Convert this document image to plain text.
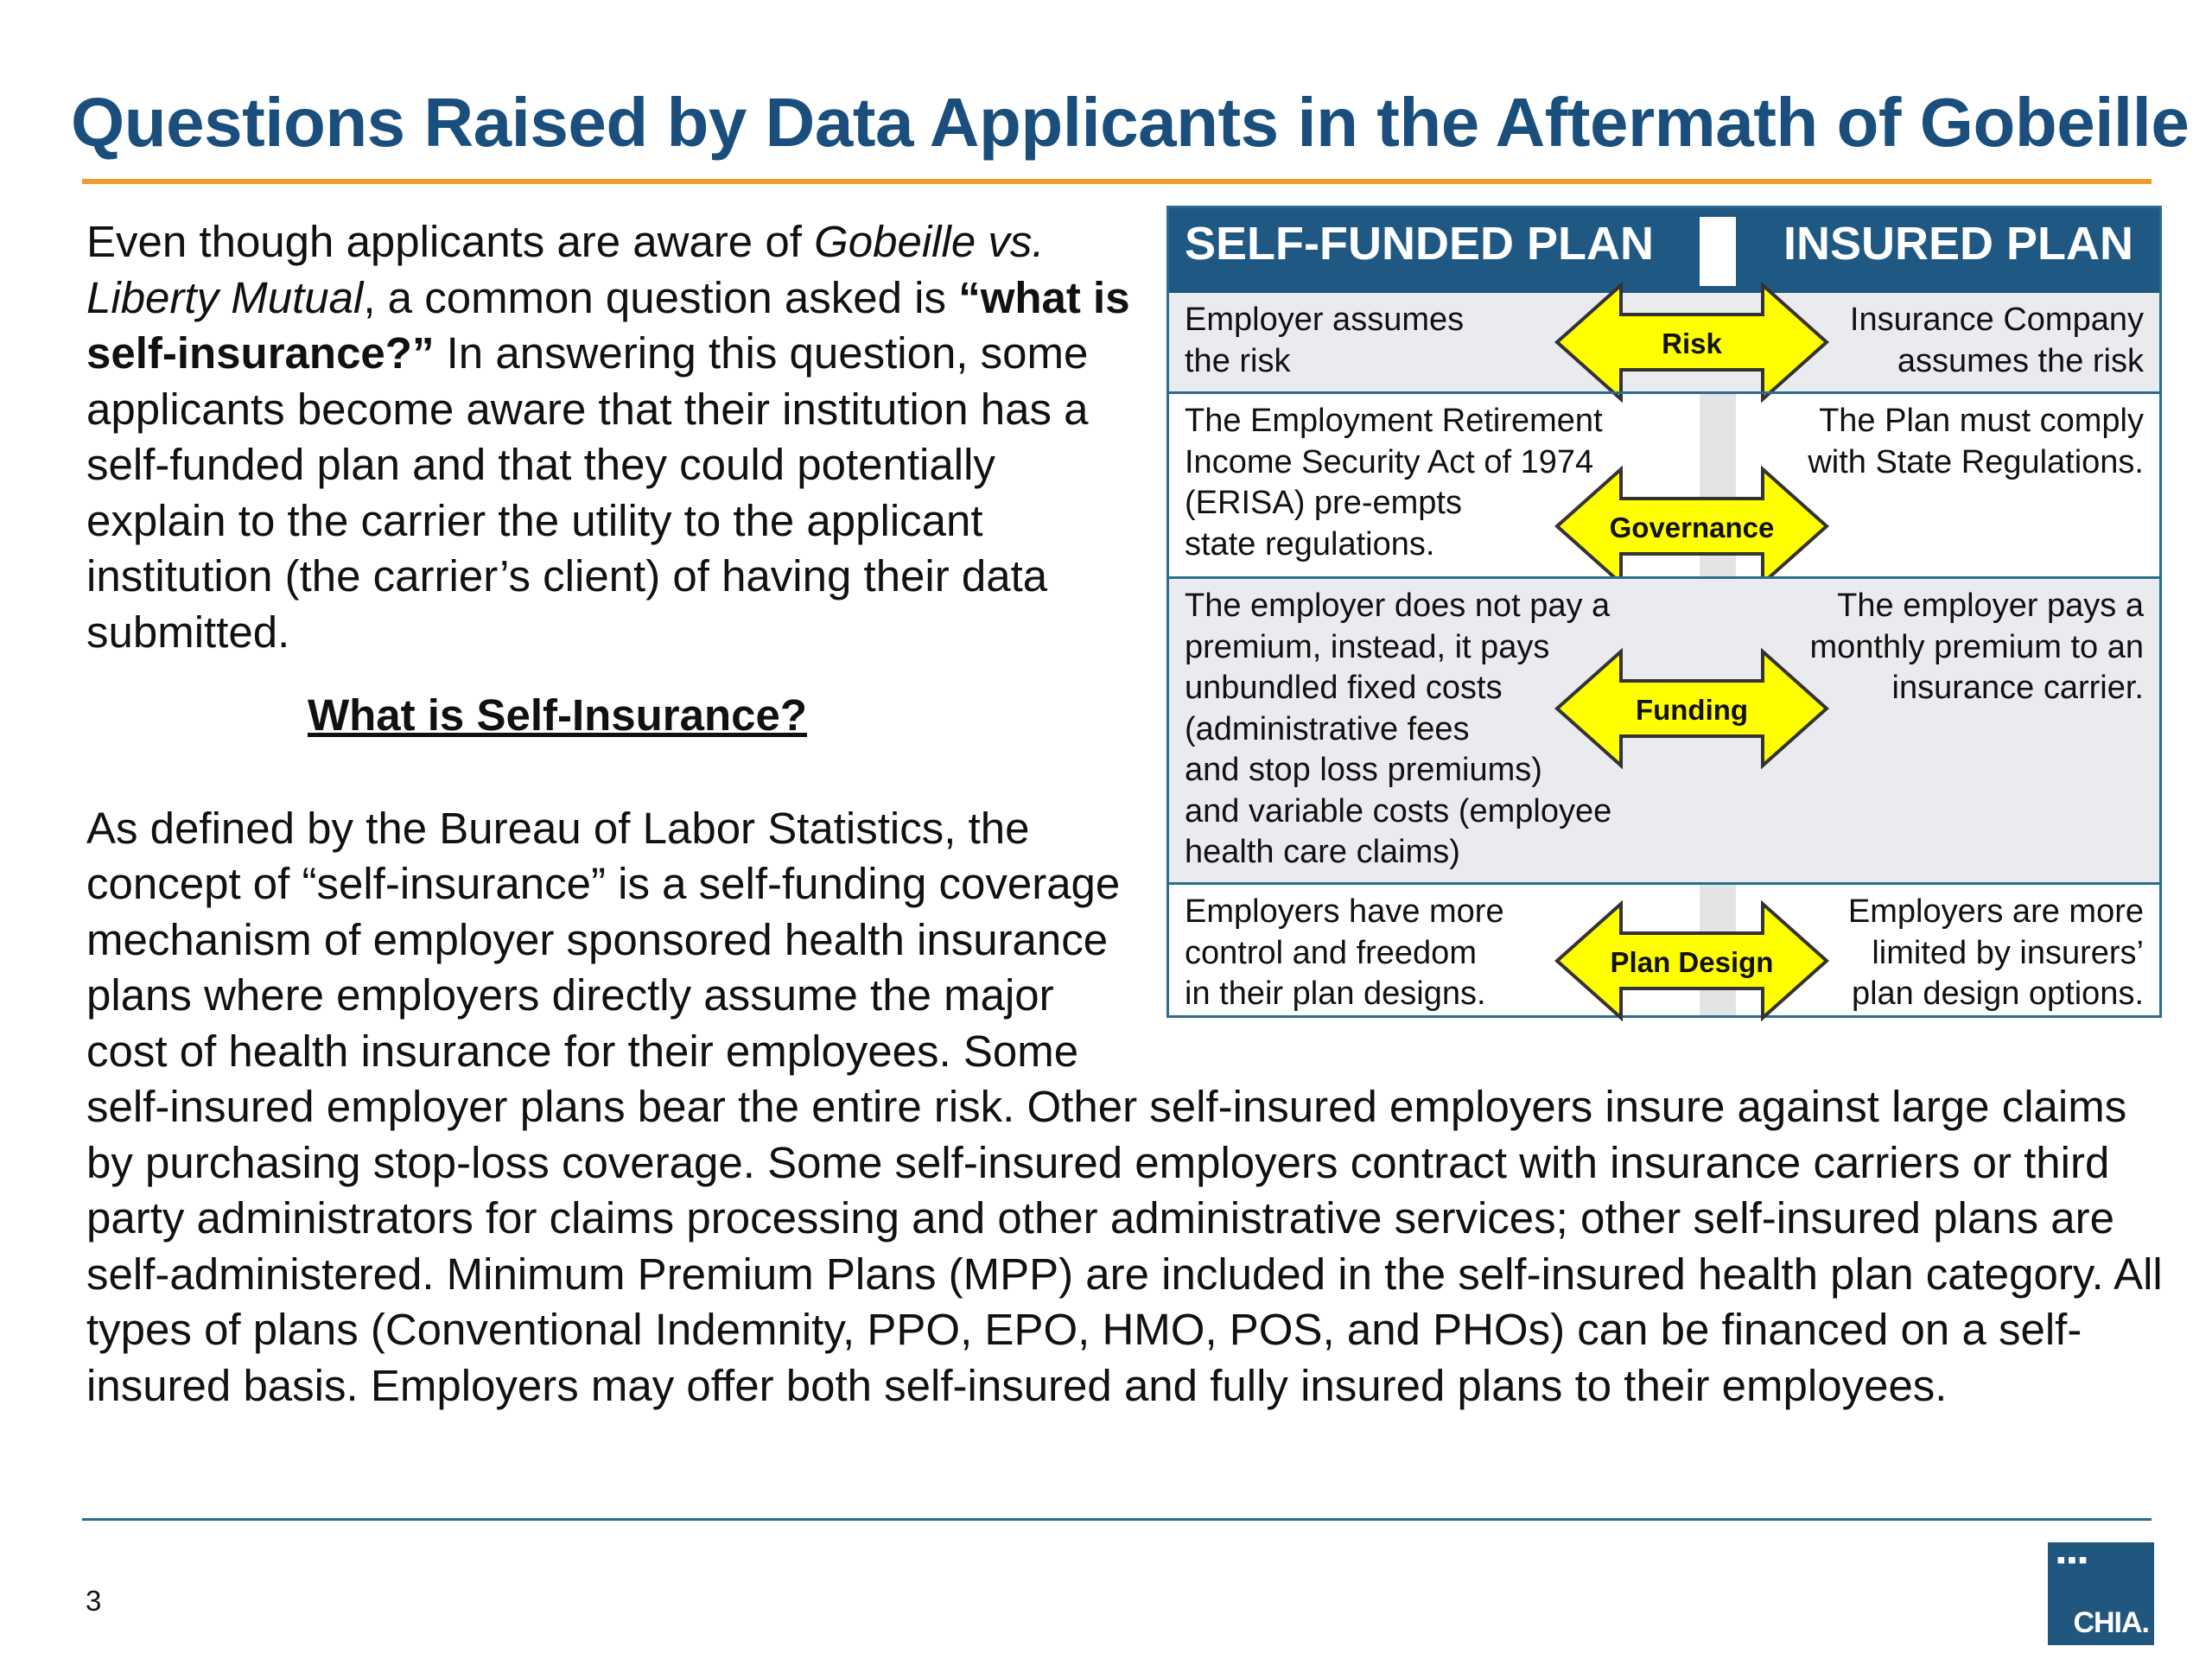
Questions Raised by Data Applicants in the Aftermath of Gobeille

Even though applicants are aware of Gobeille vs. Liberty Mutual, a common question asked is “what is self-insurance?” In answering this question, some applicants become aware that their institution has a self-funded plan and that they could potentially explain to the carrier the utility to the applicant institution (the carrier’s client) of having their data submitted.

What is Self-Insurance?

As defined by the Bureau of Labor Statistics, the concept of “self-insurance” is a self-funding coverage mechanism of employer sponsored health insurance plans where employers directly assume the major cost of health insurance for their employees. Some self-insured employer plans bear the entire risk. Other self-insured employers insure against large claims by purchasing stop-loss coverage. Some self-insured employers contract with insurance carriers or third party administrators for claims processing and other administrative services; other self-insured plans are self-administered. Minimum Premium Plans (MPP) are included in the self-insured health plan category. All types of plans (Conventional Indemnity, PPO, EPO, HMO, POS, and PHOs) can be financed on a self-insured basis. Employers may offer both self-insured and fully insured plans to their employees.

SELF-FUNDED PLAN	INSURED PLAN
Employer assumes
the risk
Insurance Company
assumes the risk
Risk
The Employment Retirement
Income Security Act of 1974
(ERISA) pre-empts
state regulations.
The Plan must comply
with State Regulations.
Governance
The employer does not pay a
premium, instead, it pays
unbundled fixed costs
(administrative fees
and stop loss premiums)
and variable costs (employee
health care claims)
The employer pays a
monthly premium to an
insurance carrier.
Funding
Employers have more
control and freedom
in their plan designs.
Employers are more
limited by insurers’
plan design options.
Plan Design
3
▪▪▪
CHIA.
